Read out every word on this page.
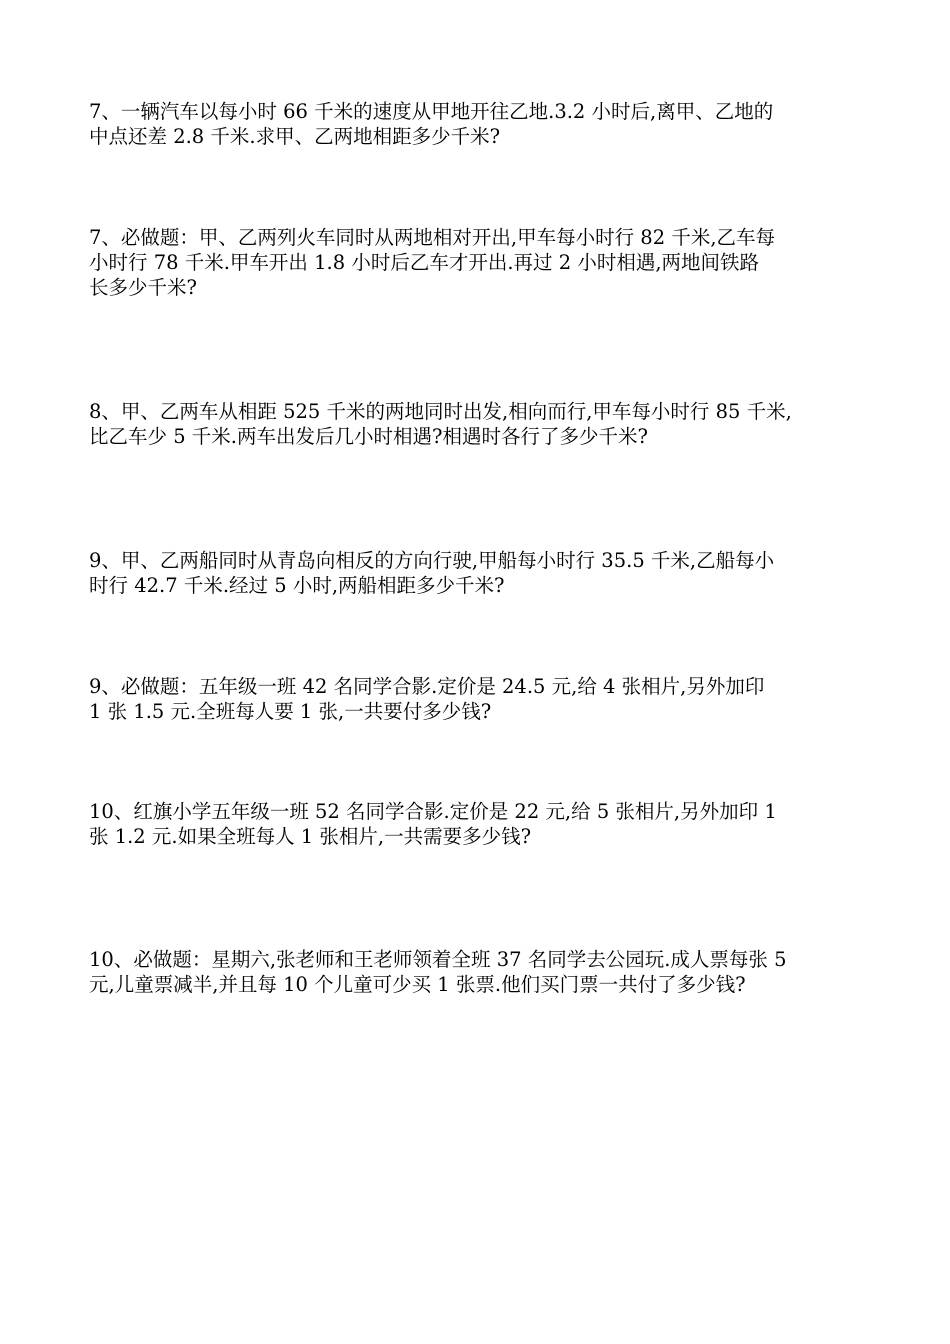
7、一辆汽车以每小时 66 千米的速度从甲地开往乙地.3.2 小时后,离甲、乙地的
中点还差 2.8 千米.求甲、乙两地相距多少千米?
7、必做题：甲、乙两列火车同时从两地相对开出,甲车每小时行 82 千米,乙车每
小时行 78 千米.甲车开出 1.8 小时后乙车才开出.再过 2 小时相遇,两地间铁路
长多少千米?
8、甲、乙两车从相距 525 千米的两地同时出发,相向而行,甲车每小时行 85 千米,
比乙车少 5 千米.两车出发后几小时相遇?相遇时各行了多少千米?
9、甲、乙两船同时从青岛向相反的方向行驶,甲船每小时行 35.5 千米,乙船每小
时行 42.7 千米.经过 5 小时,两船相距多少千米?
9、必做题：五年级一班 42 名同学合影.定价是 24.5 元,给 4 张相片,另外加印
1 张 1.5 元.全班每人要 1 张,一共要付多少钱?
10、红旗小学五年级一班 52 名同学合影.定价是 22 元,给 5 张相片,另外加印 1
张 1.2 元.如果全班每人 1 张相片,一共需要多少钱?
10、必做题：星期六,张老师和王老师领着全班 37 名同学去公园玩.成人票每张 5
元,儿童票减半,并且每 10 个儿童可少买 1 张票.他们买门票一共付了多少钱?
